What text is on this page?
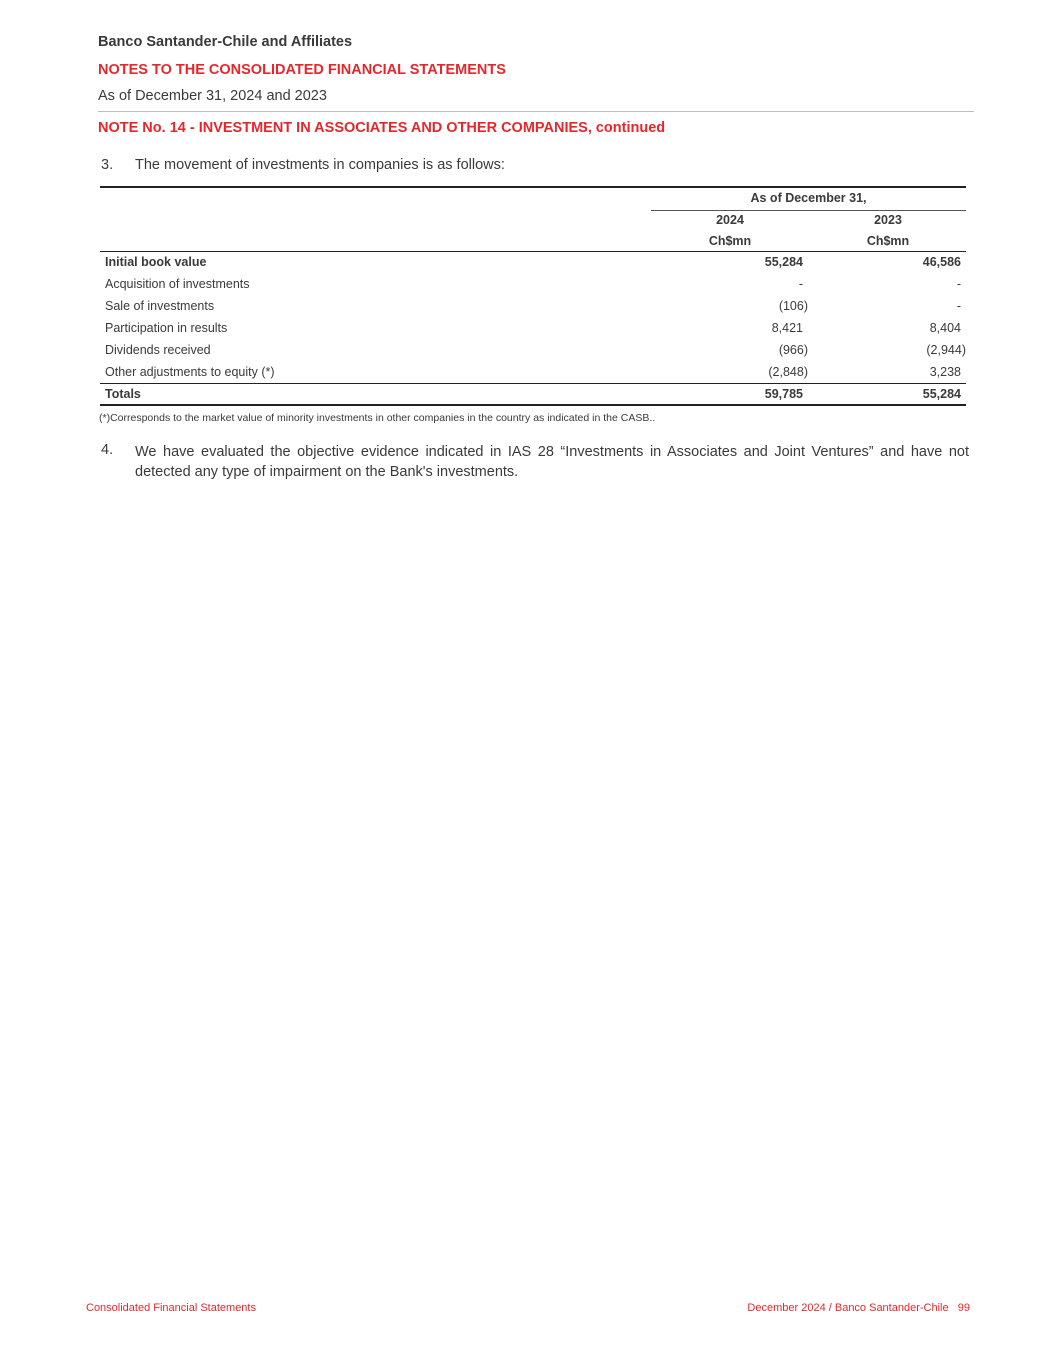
Banco Santander-Chile and Affiliates
NOTES TO THE CONSOLIDATED FINANCIAL STATEMENTS
As of December 31, 2024 and 2023
NOTE No. 14 - INVESTMENT IN ASSOCIATES AND OTHER COMPANIES, continued
3. The movement of investments in companies is as follows:
As of December 31,
2024	2023
Ch$mn	Ch$mn
Initial book value	55,284	46,586
Acquisition of investments	-	-
Sale of investments	(106)	-
Participation in results	8,421	8,404
Dividends received	(966)	(2,944)
Other adjustments to equity (*)	(2,848)	3,238
Totals	59,785	55,284
(*)Corresponds to the market value of minority investments in other companies in the country as indicated in the CASB..
4. We have evaluated the objective evidence indicated in IAS 28 “Investments in Associates and Joint Ventures” and have not detected any type of impairment on the Bank's investments.
Consolidated Financial Statements	December 2024 / Banco Santander-Chile   99
